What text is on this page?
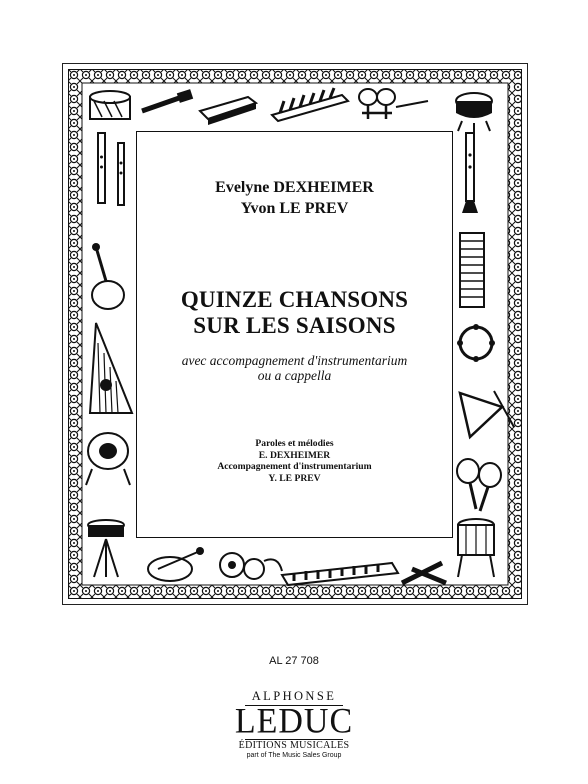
Evelyne DEXHEIMER
Yvon LE PREV
QUINZE CHANSONS
SUR LES SAISONS
avec accompagnement d'instrumentarium
ou a cappella
Paroles et mélodies
E. DEXHEIMER
Accompagnement d'instrumentarium
Y. LE PREV
AL 27 708
ALPHONSE
LEDUC
ÉDITIONS MUSICALES
part of The Music Sales Group
